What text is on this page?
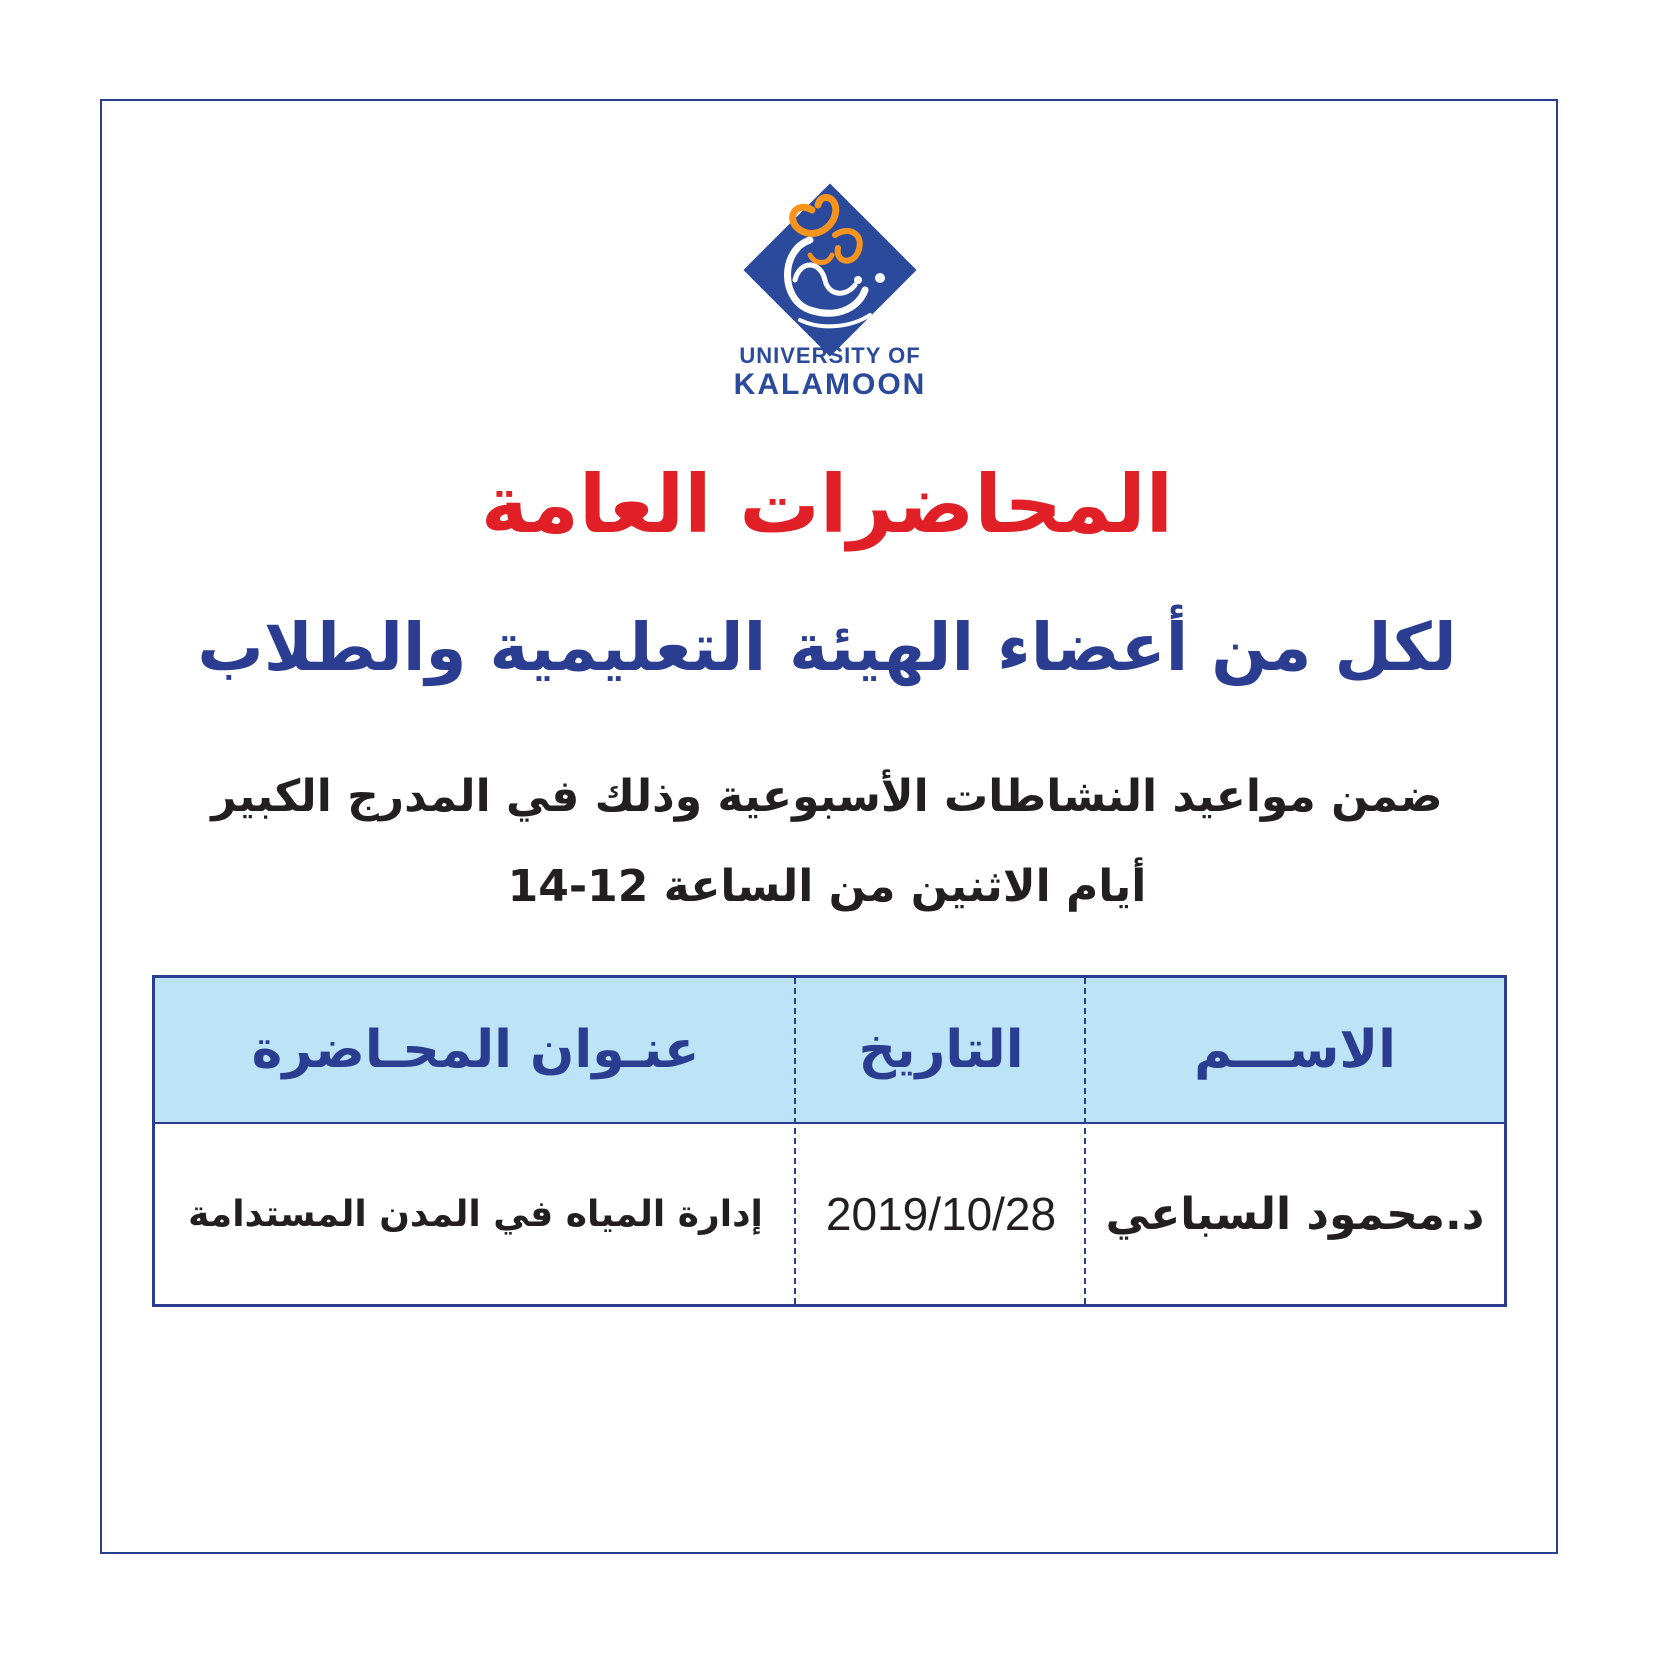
UNIVERSITY OF
KALAMOON
المحاضرات العامة
لكل من أعضاء الهيئة التعليمية والطلاب
ضمن مواعيد النشاطات الأسبوعية وذلك في المدرج الكبير
أيام الاثنين من الساعة 12-14
الاســـم
التاريخ
عنـوان المحـاضرة
د.محمود السباعي
2019/10/28
إدارة المياه في المدن المستدامة
